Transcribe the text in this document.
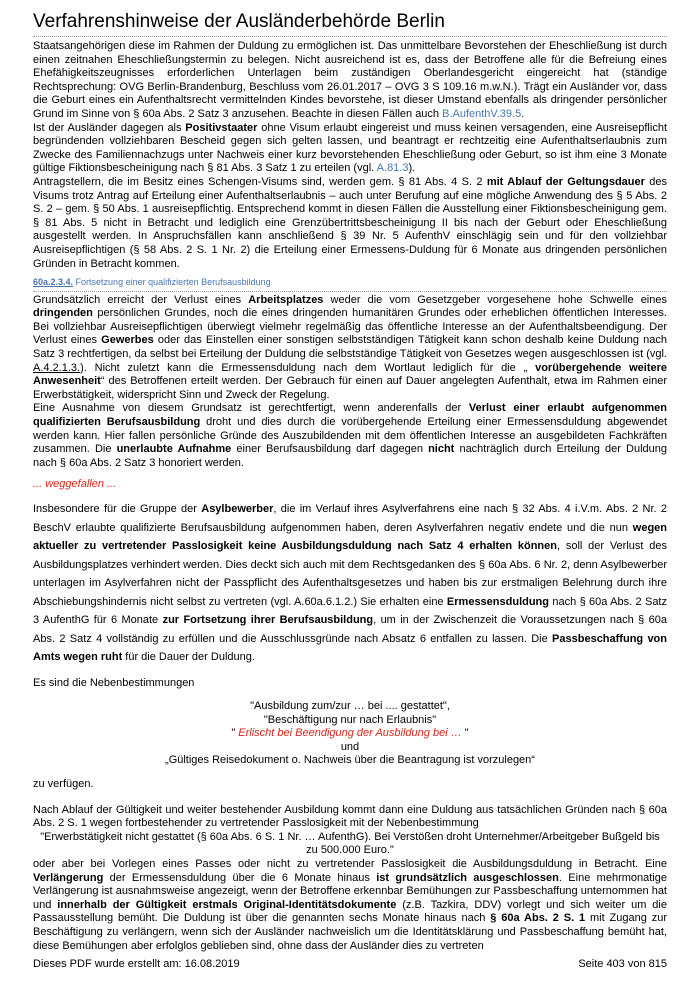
Verfahrenshinweise der Ausländerbehörde Berlin

Staatsangehörigen diese im Rahmen der Duldung zu ermöglichen ist. Das unmittelbare Bevorstehen der Eheschließung ist durch einen zeitnahen Eheschließungstermin zu belegen. Nicht ausreichend ist es, dass der Betroffene alle für die Befreiung eines Ehefähigkeitszeugnisses erforderlichen Unterlagen beim zuständigen Oberlandesgericht eingereicht hat (ständige Rechtsprechung: OVG Berlin-Brandenburg, Beschluss vom 26.01.2017 – OVG 3 S 109.16 m.w.N.). Trägt ein Ausländer vor, dass die Geburt eines ein Aufenthaltsrecht vermittelnden Kindes bevorstehe, ist dieser Umstand ebenfalls als dringender persönlicher Grund im Sinne von § 60a Abs. 2 Satz 3 anzusehen. Beachte in diesen Fällen auch B.AufenthV.39.5.

Ist der Ausländer dagegen als Positivstaater ohne Visum erlaubt eingereist und muss keinen versagenden, eine Ausreisepflicht begründenden vollziehbaren Bescheid gegen sich gelten lassen, und beantragt er rechtzeitig eine Aufenthaltserlaubnis zum Zwecke des Familiennachzugs unter Nachweis einer kurz bevorstehenden Eheschließung oder Geburt, so ist ihm eine 3 Monate gültige Fiktionsbescheinigung nach § 81 Abs. 3 Satz 1 zu erteilen (vgl. A.81.3).

Antragstellern, die im Besitz eines Schengen-Visums sind, werden gem. § 81 Abs. 4 S. 2 mit Ablauf der Geltungsdauer des Visums trotz Antrag auf Erteilung einer Aufenthaltserlaubnis – auch unter Berufung auf eine mögliche Anwendung des § 5 Abs. 2 S. 2 – gem. § 50 Abs. 1 ausreisepflichtig. Entsprechend kommt in diesen Fällen die Ausstellung einer Fiktionsbescheinigung gem. § 81 Abs. 5 nicht in Betracht und lediglich eine Grenzübertrittsbescheinigung II bis nach der Geburt oder Eheschließung ausgestellt werden. In Anspruchsfällen kann anschließend § 39 Nr. 5 AufenthV einschlägig sein und für den vollziehbar Ausreisepflichtigen (§ 58 Abs. 2 S. 1 Nr. 2) die Erteilung einer Ermessens-Duldung für 6 Monate aus dringenden persönlichen Gründen in Betracht kommen.

60a.2.3.4. Fortsetzung einer qualifizierten Berufsausbildung

Grundsätzlich erreicht der Verlust eines Arbeitsplatzes weder die vom Gesetzgeber vorgesehene hohe Schwelle eines dringenden persönlichen Grundes, noch die eines dringenden humanitären Grundes oder erheblichen öffentlichen Interesses. Bei vollziehbar Ausreisepflichtigen überwiegt vielmehr regelmäßig das öffentliche Interesse an der Aufenthaltsbeendigung. Der Verlust eines Gewerbes oder das Einstellen einer sonstigen selbstständigen Tätigkeit kann schon deshalb keine Duldung nach Satz 3 rechtfertigen, da selbst bei Erteilung der Duldung die selbstständige Tätigkeit von Gesetzes wegen ausgeschlossen ist (vgl. A.4.2.1.3.). Nicht zuletzt kann die Ermessensduldung nach dem Wortlaut lediglich für die „ vorübergehende weitere Anwesenheit“ des Betroffenen erteilt werden. Der Gebrauch für einen auf Dauer angelegten Aufenthalt, etwa im Rahmen einer Erwerbstätigkeit, widerspricht Sinn und Zweck der Regelung.

Eine Ausnahme von diesem Grundsatz ist gerechtfertigt, wenn anderenfalls der Verlust einer erlaubt aufgenommen qualifizierten Berufsausbildung droht und dies durch die vorübergehende Erteilung einer Ermessensduldung abgewendet werden kann. Hier fallen persönliche Gründe des Auszubildenden mit dem öffentlichen Interesse an ausgebildeten Fachkräften zusammen. Die unerlaubte Aufnahme einer Berufsausbildung darf dagegen nicht nachträglich durch Erteilung der Duldung nach § 60a Abs. 2 Satz 3 honoriert werden.

... weggefallen ...

Insbesondere für die Gruppe der Asylbewerber, die im Verlauf ihres Asylverfahrens eine nach § 32 Abs. 4 i.V.m. Abs. 2 Nr. 2 BeschV erlaubte qualifizierte Berufsausbildung aufgenommen haben, deren Asylverfahren negativ endete und die nun wegen aktueller zu vertretender Passlosigkeit keine Ausbildungsduldung nach Satz 4 erhalten können, soll der Verlust des Ausbildungsplatzes verhindert werden. Dies deckt sich auch mit dem Rechtsgedanken des § 60a Abs. 6 Nr. 2, denn Asylbewerber unterlagen im Asylverfahren nicht der Passpflicht des Aufenthaltsgesetzes und haben bis zur erstmaligen Belehrung durch ihre Abschiebungshindernis nicht selbst zu vertreten (vgl. A.60a.6.1.2.) Sie erhalten eine Ermessensduldung nach § 60a Abs. 2 Satz 3 AufenthG für 6 Monate zur Fortsetzung ihrer Berufsausbildung, um in der Zwischenzeit die Voraussetzungen nach § 60a Abs. 2 Satz 4 vollständig zu erfüllen und die Ausschlussgründe nach Absatz 6 entfallen zu lassen. Die Passbeschaffung von Amts wegen ruht für die Dauer der Duldung.

Es sind die Nebenbestimmungen

"Ausbildung zum/zur … bei .... gestattet",

"Beschäftigung nur nach Erlaubnis"

" Erlischt bei Beendigung der Ausbildung bei … "

und

„Gültiges Reisedokument o. Nachweis über die Beantragung ist vorzulegen“

zu verfügen.

Nach Ablauf der Gültigkeit und weiter bestehender Ausbildung kommt dann eine Duldung aus tatsächlichen Gründen nach § 60a Abs. 2 S. 1 wegen fortbestehender zu vertretender Passlosigkeit mit der Nebenbestimmung

"Erwerbstätigkeit nicht gestattet (§ 60a Abs. 6 S. 1 Nr. … AufenthG). Bei Verstößen droht Unternehmer/Arbeitgeber Bußgeld bis zu 500.000 Euro."

oder aber bei Vorlegen eines Passes oder nicht zu vertretender Passlosigkeit die Ausbildungsduldung in Betracht. Eine Verlängerung der Ermessensduldung über die 6 Monate hinaus ist grundsätzlich ausgeschlossen. Eine mehrmonatige Verlängerung ist ausnahmsweise angezeigt, wenn der Betroffene erkennbar Bemühungen zur Passbeschaffung unternommen hat und innerhalb der Gültigkeit erstmals Original-Identitätsdokumente (z.B. Tazkira, DDV) vorlegt und sich weiter um die Passausstellung bemüht. Die Duldung ist über die genannten sechs Monate hinaus nach § 60a Abs. 2 S. 1 mit Zugang zur Beschäftigung zu verlängern, wenn sich der Ausländer nachweislich um die Identitätsklärung und Passbeschaffung bemüht hat, diese Bemühungen aber erfolglos geblieben sind, ohne dass der Ausländer dies zu vertreten

Dieses PDF wurde erstellt am: 16.08.2019	Seite 403 von 815
